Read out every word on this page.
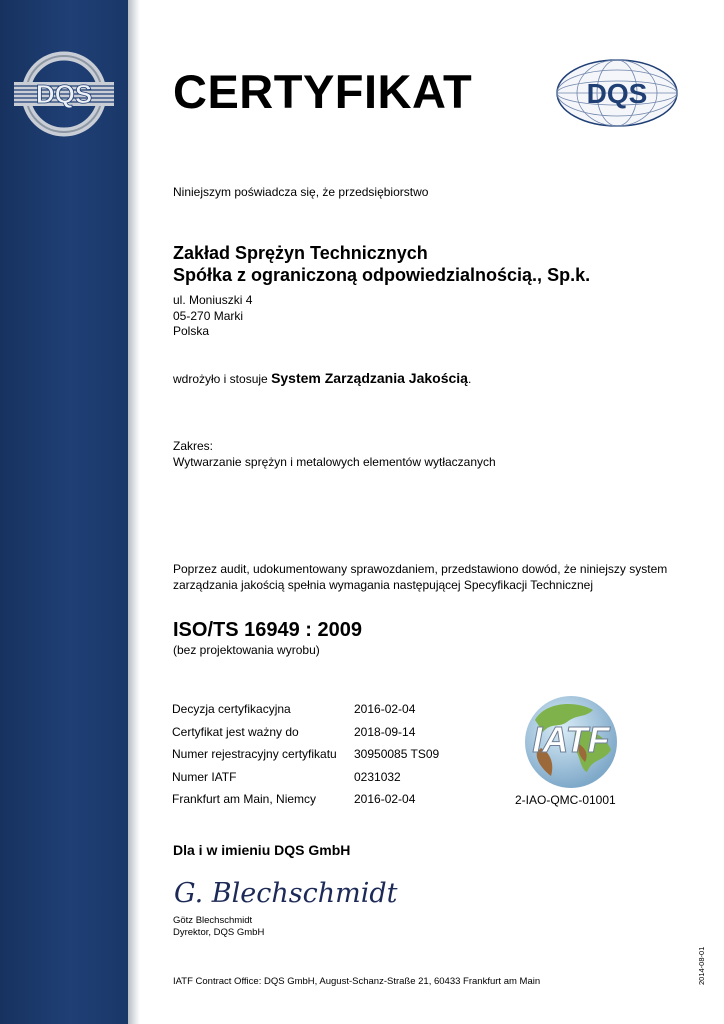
DQS CERTYFIKAT	DQS
Niniejszym poświadcza się, że przedsiębiorstwo
Zakład Sprężyn Technicznych
Spółka z ograniczoną odpowiedzialnością., Sp.k.
ul. Moniuszki 4
05-270 Marki
Polska
wdrożyło i stosuje System Zarządzania Jakością.
Zakres:
Wytwarzanie sprężyn i metalowych elementów wytłaczanych
Poprzez audit, udokumentowany sprawozdaniem, przedstawiono dowód, że niniejszy system
zarządzania jakością spełnia wymagania następującej Specyfikacji Technicznej
ISO/TS 16949 : 2009
(bez projektowania wyrobu)
Decyzja certyfikacyjna	2016-02-04
Certyfikat jest ważny do	2018-09-14
Numer rejestracyjny certyfikatu	30950085 TS09
Numer IATF	0231032
Frankfurt am Main, Niemcy	2016-02-04
IATF
2-IAO-QMC-01001
Dla i w imieniu DQS GmbH
G. Blechschmidt
Götz Blechschmidt
Dyrektor, DQS GmbH
IATF Contract Office: DQS GmbH, August-Schanz-Straße 21, 60433 Frankfurt am Main	2014-08-01
